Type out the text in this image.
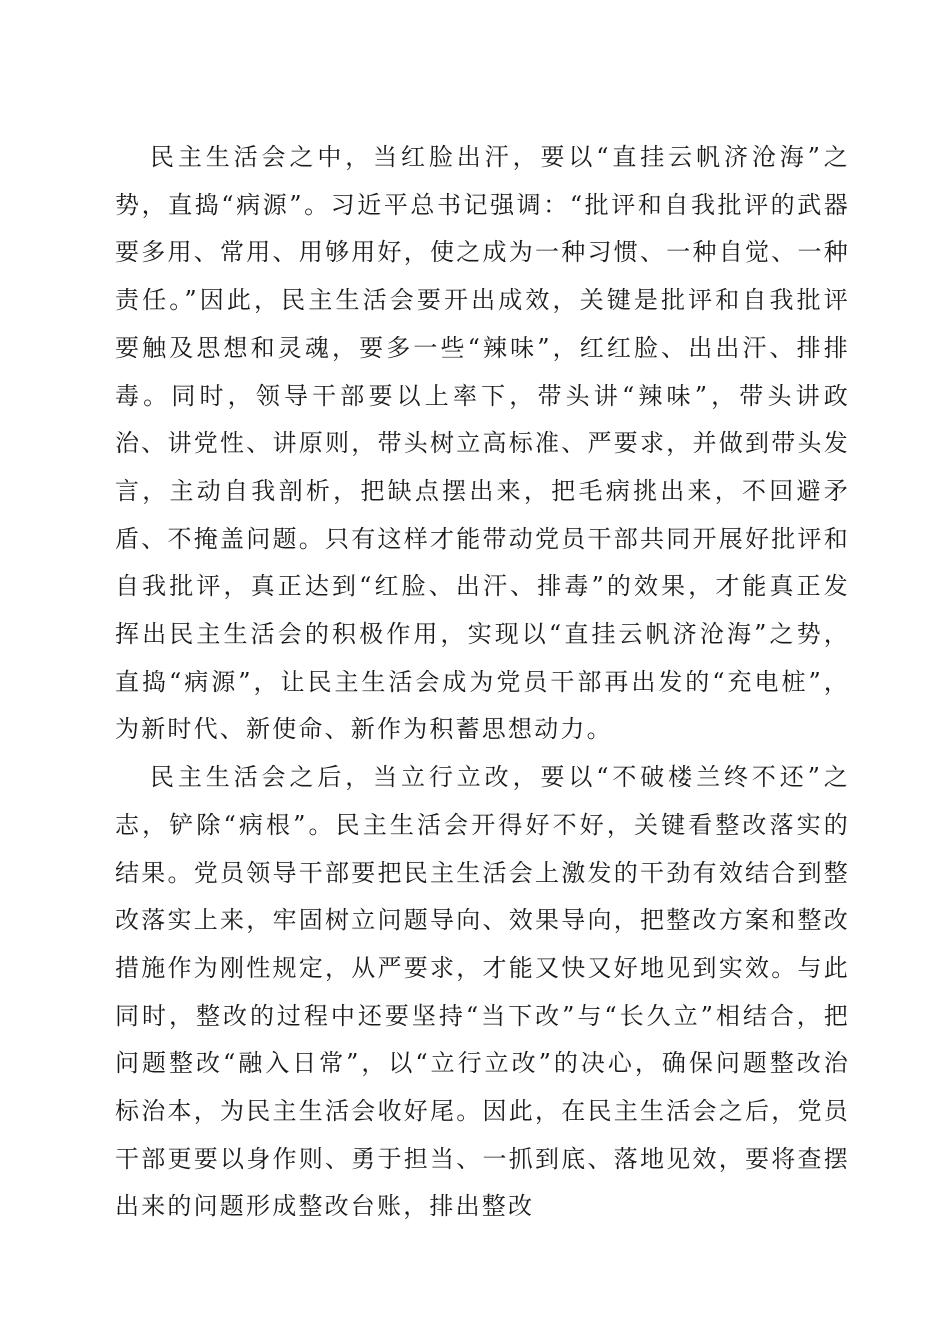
民主生活会之中，当红脸出汗，要以“直挂云帆济沧海”之势，直捣“病源”。习近平总书记强调：“批评和自我批评的武器要多用、常用、用够用好，使之成为一种习惯、一种自觉、一种责任。”因此，民主生活会要开出成效，关键是批评和自我批评要触及思想和灵魂，要多一些“辣味”，红红脸、出出汗、排排毒。同时，领导干部要以上率下，带头讲“辣味”，带头讲政治、讲党性、讲原则，带头树立高标准、严要求，并做到带头发言，主动自我剖析，把缺点摆出来，把毛病挑出来，不回避矛盾、不掩盖问题。只有这样才能带动党员干部共同开展好批评和自我批评，真正达到“红脸、出汗、排毒”的效果，才能真正发挥出民主生活会的积极作用，实现以“直挂云帆济沧海”之势，直捣“病源”，让民主生活会成为党员干部再出发的“充电桩”，为新时代、新使命、新作为积蓄思想动力。

民主生活会之后，当立行立改，要以“不破楼兰终不还”之志，铲除“病根”。民主生活会开得好不好，关键看整改落实的结果。党员领导干部要把民主生活会上激发的干劲有效结合到整改落实上来，牢固树立问题导向、效果导向，把整改方案和整改措施作为刚性规定，从严要求，才能又快又好地见到实效。与此同时，整改的过程中还要坚持“当下改”与“长久立”相结合，把问题整改“融入日常”，以“立行立改”的决心，确保问题整改治标治本，为民主生活会收好尾。因此，在民主生活会之后，党员干部更要以身作则、勇于担当、一抓到底、落地见效，要将查摆出来的问题形成整改台账，排出整改
